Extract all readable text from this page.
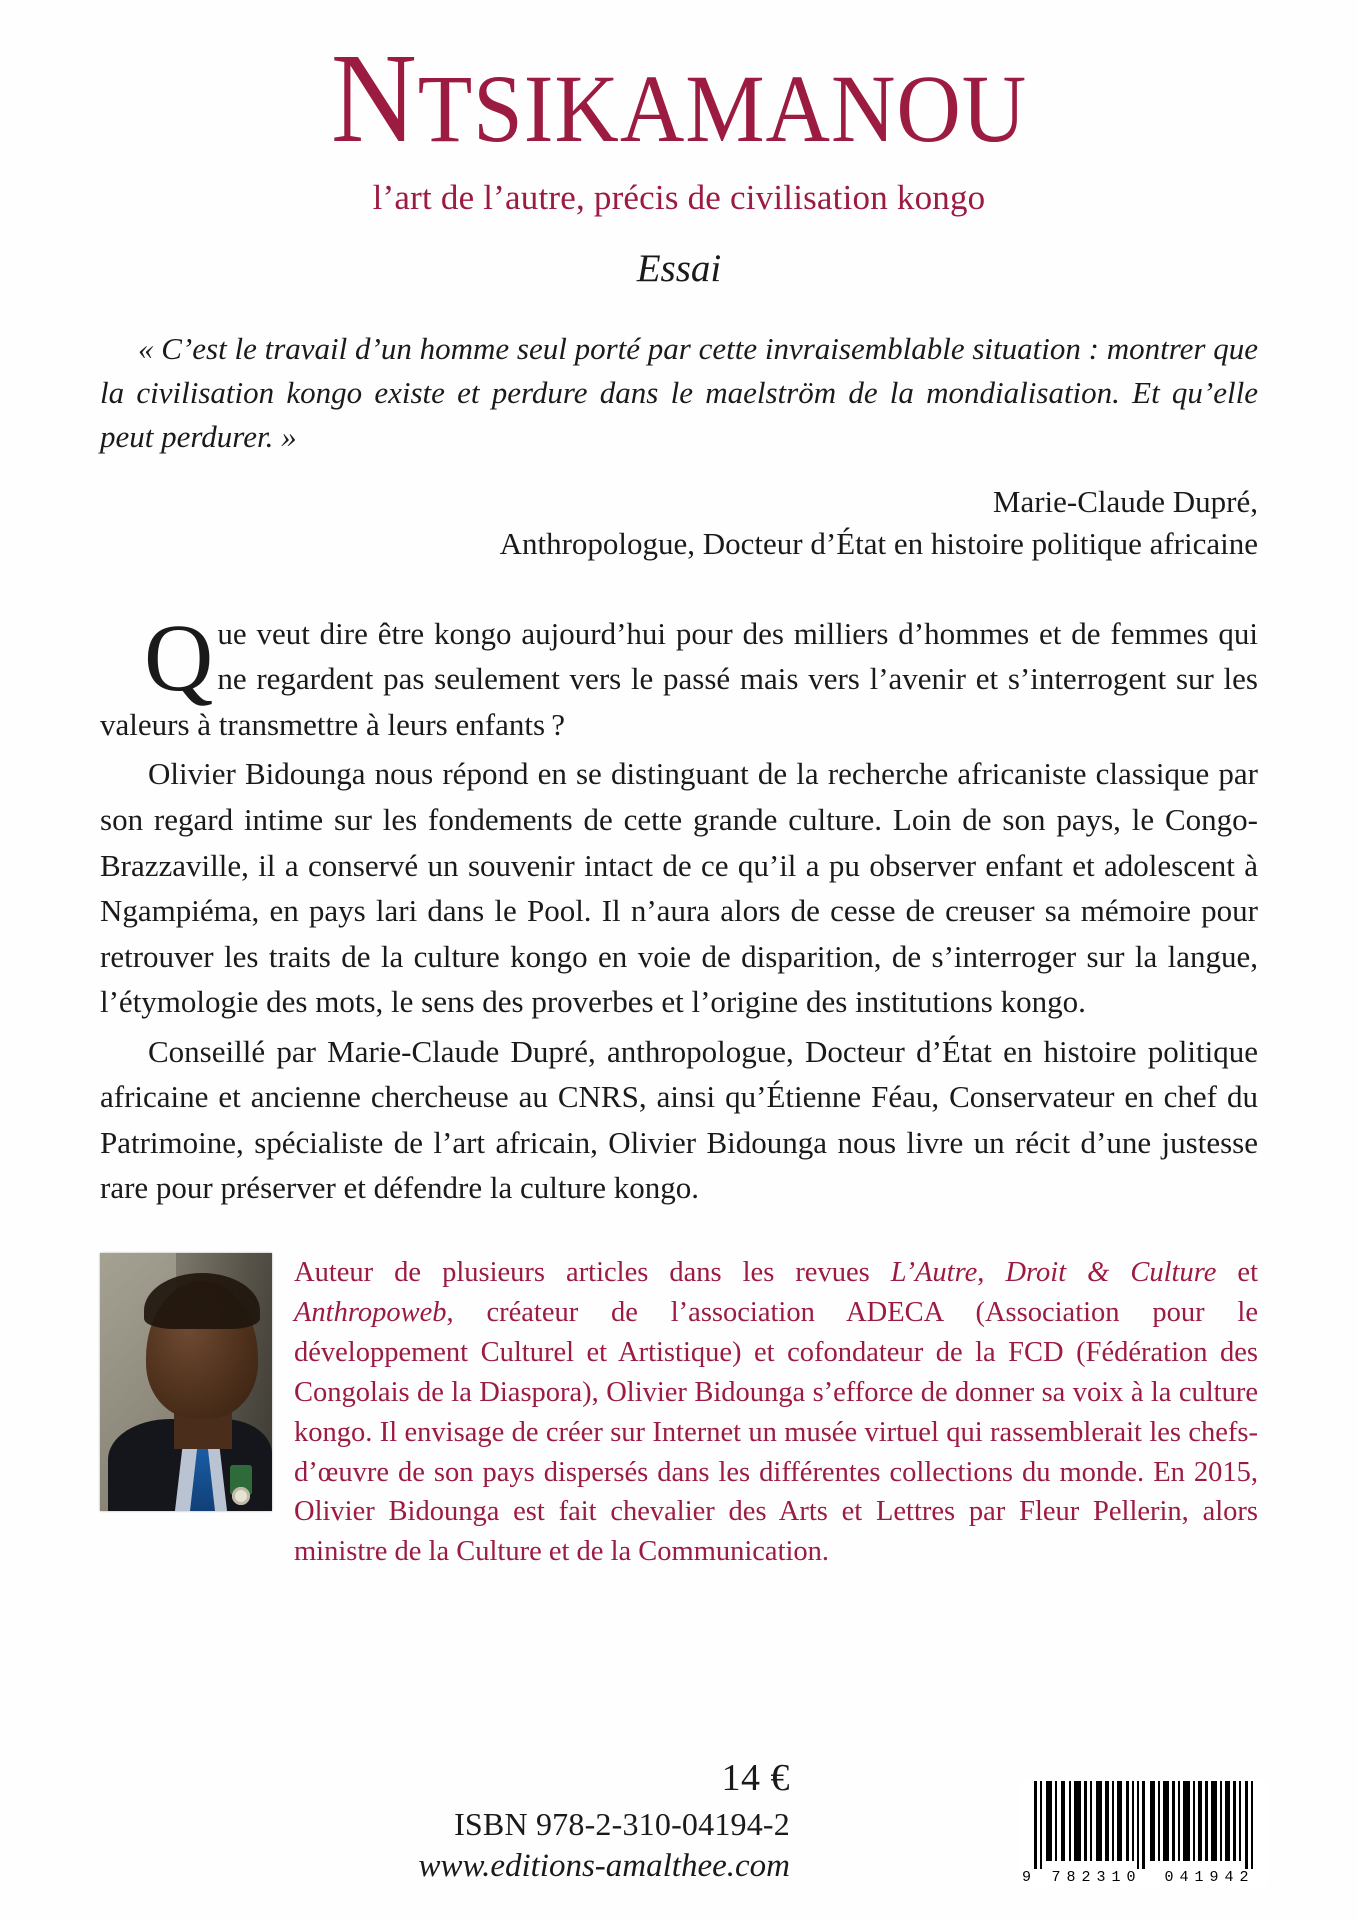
NTSIKAMANOU
l’art de l’autre, précis de civilisation kongo
Essai
« C’est le travail d’un homme seul porté par cette invraisemblable situation : montrer que la civilisation kongo existe et perdure dans le maelström de la mondialisation. Et qu’elle peut perdurer. »
Marie-Claude Dupré,
Anthropologue, Docteur d’État en histoire politique africaine

Que veut dire être kongo aujourd’hui pour des milliers d’hommes et de femmes qui ne regardent pas seulement vers le passé mais vers l’avenir et s’interrogent sur les valeurs à transmettre à leurs enfants ?

Olivier Bidounga nous répond en se distinguant de la recherche africaniste classique par son regard intime sur les fondements de cette grande culture. Loin de son pays, le Congo-Brazzaville, il a conservé un souvenir intact de ce qu’il a pu observer enfant et adolescent à Ngampiéma, en pays lari dans le Pool. Il n’aura alors de cesse de creuser sa mémoire pour retrouver les traits de la culture kongo en voie de disparition, de s’interroger sur la langue, l’étymologie des mots, le sens des proverbes et l’origine des institutions kongo.

Conseillé par Marie-Claude Dupré, anthropologue, Docteur d’État en histoire politique africaine et ancienne chercheuse au CNRS, ainsi qu’Étienne Féau, Conservateur en chef du Patrimoine, spécialiste de l’art africain, Olivier Bidounga nous livre un récit d’une justesse rare pour préserver et défendre la culture kongo.

Auteur de plusieurs articles dans les revues L’Autre, Droit & Culture et Anthropoweb, créateur de l’association ADECA (Association pour le développement Culturel et Artistique) et cofondateur de la FCD (Fédération des Congolais de la Diaspora), Olivier Bidounga s’efforce de donner sa voix à la culture kongo. Il envisage de créer sur Internet un musée virtuel qui rassemblerait les chefs-d’œuvre de son pays dispersés dans les différentes collections du monde. En 2015, Olivier Bidounga est fait chevalier des Arts et Lettres par Fleur Pellerin, alors ministre de la Culture et de la Communication.
14 €
ISBN 978-2-310-04194-2
www.editions-amalthee.com	9	782310	041942
